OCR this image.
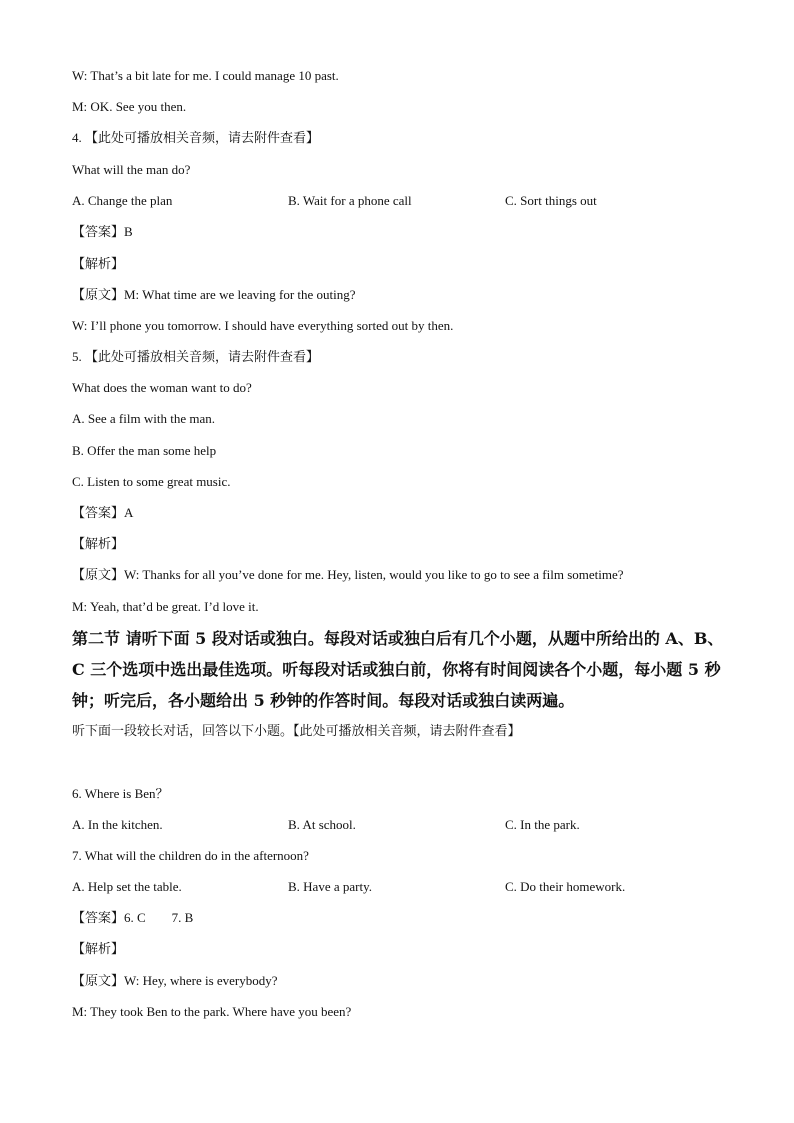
W: That’s a bit late for me. I could manage 10 past.
M: OK. See you then.
4. 【此处可播放相关音频，请去附件查看】
What will the man do?
A. Change the plan	B. Wait for a phone call	C. Sort things out
【答案】B
【解析】
【原文】M: What time are we leaving for the outing?
W: I’ll phone you tomorrow. I should have everything sorted out by then.
5. 【此处可播放相关音频，请去附件查看】
What does the woman want to do?
A. See a film with the man.
B. Offer the man some help
C. Listen to some great music.
【答案】A
【解析】
【原文】W: Thanks for all you’ve done for me. Hey, listen, would you like to go to see a film sometime?
M: Yeah, that’d be great. I’d love it.
第二节 请听下面 5 段对话或独白。每段对话或独白后有几个小题，从题中所给出的 A、B、
C 三个选项中选出最佳选项。听每段对话或独白前，你将有时间阅读各个小题，每小题 5 秒
钟；听完后，各小题给出 5 秒钟的作答时间。每段对话或独白读两遍。
听下面一段较长对话，回答以下小题。【此处可播放相关音频，请去附件查看】
6. Where is Ben？
A. In the kitchen.	B. At school.	C. In the park.
7. What will the children do in the afternoon?
A. Help set the table.	B. Have a party.	C. Do their homework.
【答案】6. C　　7. B
【解析】
【原文】W: Hey, where is everybody?
M: They took Ben to the park. Where have you been?
